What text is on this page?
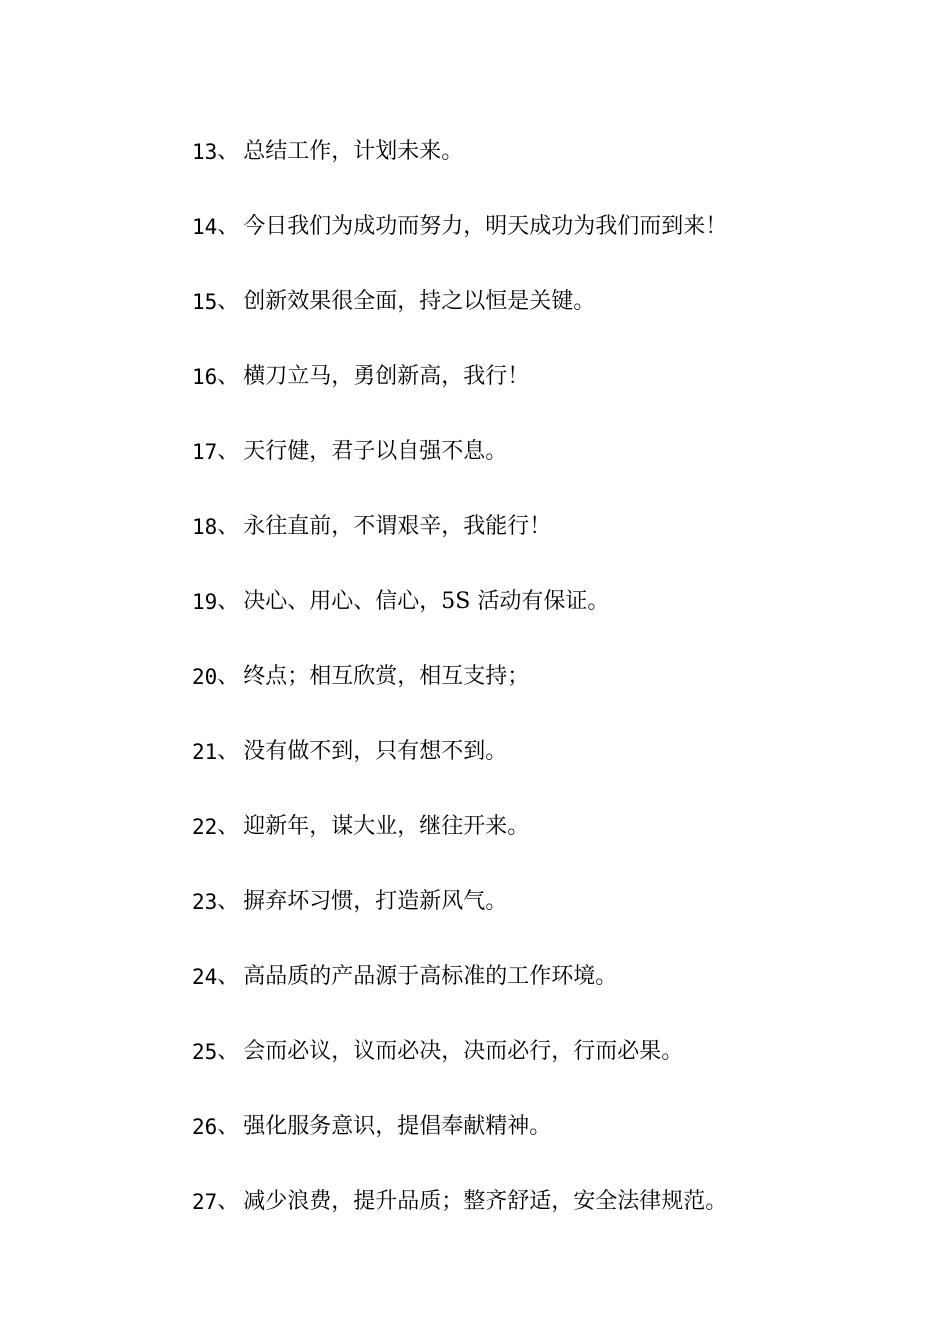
13 、 总结工作，计划未来。
14 、 今日我们为成功而努力，明天成功为我们而到来！
15 、 创新效果很全面，持之以恒是关键。
16 、 横刀立马，勇创新高，我行！
17 、 天行健，君子以自强不息。
18 、 永往直前，不谓艰辛，我能行！
19 、 决心、用心、信心，5S 活动有保证。
20 、 终点；相互欣赏，相互支持；
21 、 没有做不到，只有想不到。
22 、 迎新年，谋大业，继往开来。
23 、 摒弃坏习惯，打造新风气。
24 、 高品质的产品源于高标准的工作环境。
25 、 会而必议，议而必决，决而必行，行而必果。
26 、 强化服务意识，提倡奉献精神。
27 、 减少浪费，提升品质；整齐舒适，安全法律规范。
